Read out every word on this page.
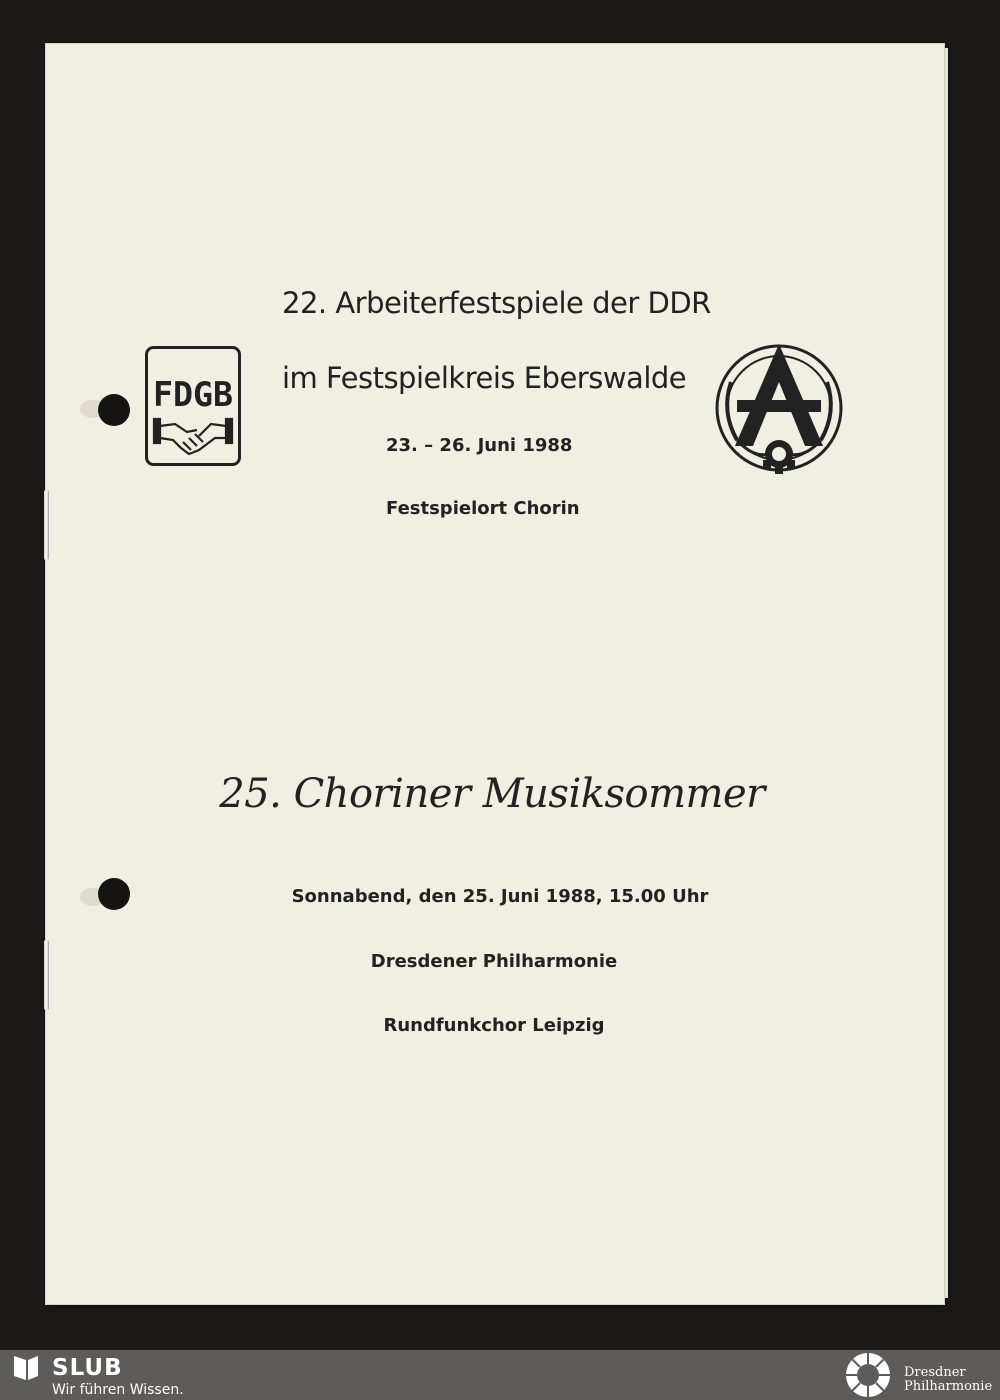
FDGB
22. Arbeiterfestspiele der DDR
im Festspielkreis Eberswalde
23. – 26. Juni 1988
Festspielort Chorin
25. Choriner Musiksommer
Sonnabend, den 25. Juni 1988, 15.00 Uhr
Dresdener Philharmonie
Rundfunkchor Leipzig
SLUB
Wir führen Wissen.
Dresdner
Philharmonie
